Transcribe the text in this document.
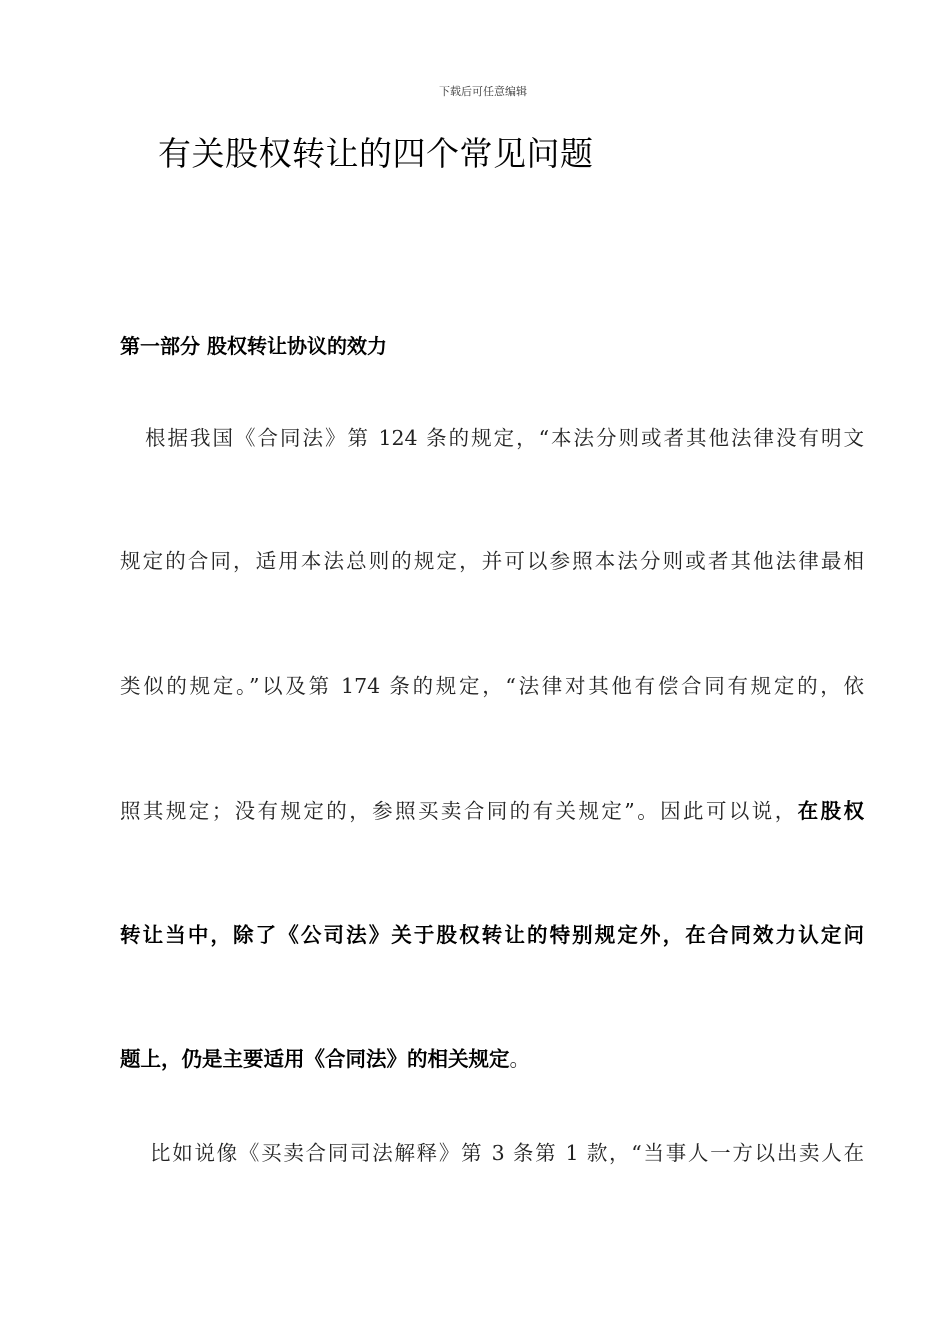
下载后可任意编辑
有关股权转让的四个常见问题
第一部分 股权转让协议的效力
根据我国《合同法》第 124 条的规定，“本法分则或者其他法律没有明文
规定的合同，适用本法总则的规定，并可以参照本法分则或者其他法律最相
类似的规定。”以及第 174 条的规定，“法律对其他有偿合同有规定的，依
照其规定；没有规定的，参照买卖合同的有关规定”。因此可以说，在股权
转让当中，除了《公司法》关于股权转让的特别规定外，在合同效力认定问
题上，仍是主要适用《合同法》的相关规定。
比如说像《买卖合同司法解释》第 3 条第 1 款，“当事人一方以出卖人在
